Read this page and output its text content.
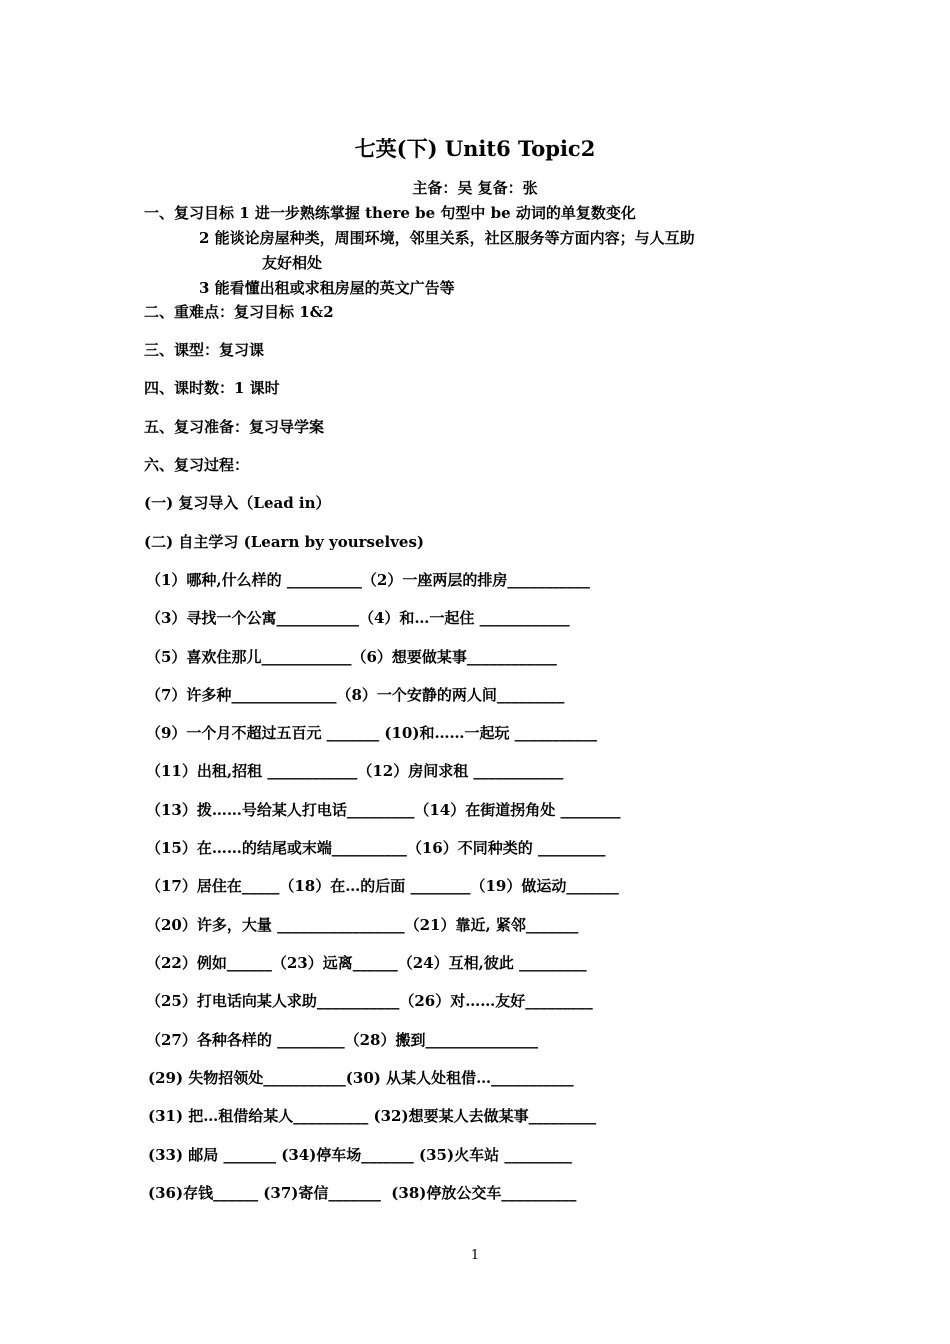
七英(下) Unit6 Topic2
主备：吴 复备：张
一、复习目标 1 进一步熟练掌握 there be 句型中 be 动词的单复数变化
2 能谈论房屋种类，周围环境，邻里关系，社区服务等方面内容；与人互助
友好相处
3 能看懂出租或求租房屋的英文广告等
二、重难点：复习目标 1&2
三、课型：复习课
四、课时数：1 课时
五、复习准备：复习导学案
六、复习过程：
(一) 复习导入（Lead in）
(二) 自主学习 (Learn by yourselves)
（1）哪种,什么样的 __________（2）一座两层的排房___________
（3）寻找一个公寓___________（4）和…一起住 ____________
（5）喜欢住那儿____________（6）想要做某事____________
（7）许多种______________（8）一个安静的两人间_________
（9）一个月不超过五百元 _______ (10)和……一起玩 ___________
（11）出租,招租 ____________（12）房间求租 ____________
（13）拨……号给某人打电话_________（14）在街道拐角处 ________
（15）在……的结尾或末端__________（16）不同种类的 _________
（17）居住在_____（18）在…的后面 ________（19）做运动_______
（20）许多，大量 _________________（21）靠近, 紧邻_______
（22）例如______（23）远离______（24）互相,彼此 _________
（25）打电话向某人求助___________（26）对……友好_________
（27）各种各样的 _________（28）搬到_______________
(29) 失物招领处___________(30) 从某人处租借…___________
(31) 把…租借给某人__________ (32)想要某人去做某事_________
(33) 邮局 _______ (34)停车场_______ (35)火车站 _________
(36)存钱______ (37)寄信_______  (38)停放公交车__________
1
